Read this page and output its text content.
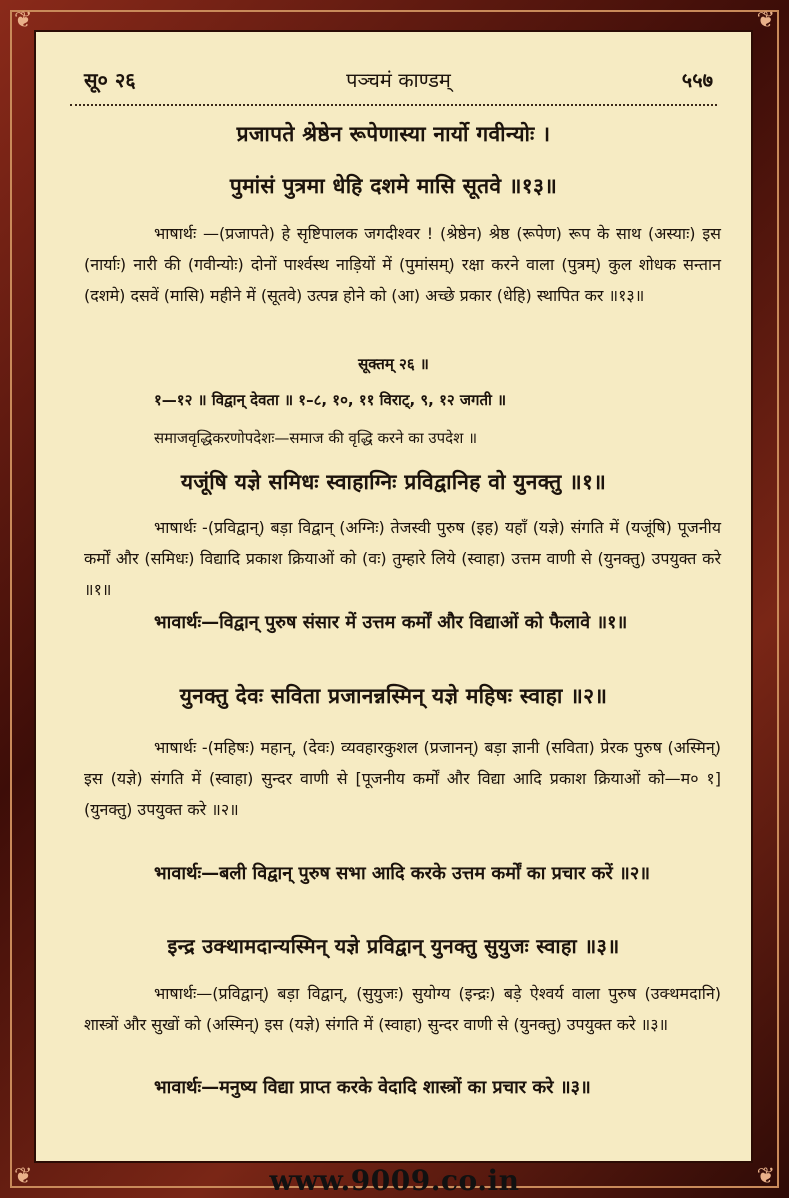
❦	❦
❦	❦
सू० २६	पञ्चमं काण्डम्	५५७
प्रजापते श्रेष्ठेन रूपेणास्या नार्यो गवीन्योः ।
पुमांसं पुत्रमा धेहि दशमे मासि सूतवे ॥१३॥
भाषार्थः —(प्रजापते) हे सृष्टिपालक जगदीश्वर ! (श्रेष्ठेन) श्रेष्ठ (रूपेण) रूप के साथ (अस्याः) इस (नार्याः) नारी की (गवीन्योः) दोनों पार्श्वस्थ नाड़ियों में (पुमांसम्) रक्षा करने वाला (पुत्रम्) कुल शोधक सन्तान (दशमे) दसवें (मासि) महीने में (सूतवे) उत्पन्न होने को (आ) अच्छे प्रकार (धेहि) स्थापित कर ॥१३॥
सूक्तम् २६ ॥
१—१२ ॥ विद्वान् देवता ॥ १–८, १०, ११ विराट्, ९, १२ जगती ॥
समाजवृद्धिकरणोपदेशः—समाज की वृद्धि करने का उपदेश ॥
यजूंषि यज्ञे समिधः स्वाहाग्निः प्रविद्वानिह वो युनक्तु ॥१॥
भाषार्थः -(प्रविद्वान्) बड़ा विद्वान् (अग्निः) तेजस्वी पुरुष (इह) यहाँ (यज्ञे) संगति में (यजूंषि) पूजनीय कर्मों और (समिधः) विद्यादि प्रकाश क्रियाओं को (वः) तुम्हारे लिये (स्वाहा) उत्तम वाणी से (युनक्तु) उपयुक्त करे ॥१॥
भावार्थः—विद्वान् पुरुष संसार में उत्तम कर्मों और विद्याओं को फैलावे ॥१॥
युनक्तु देवः सविता प्रजानन्नस्मिन् यज्ञे महिषः स्वाहा ॥२॥
भाषार्थः -(महिषः) महान्, (देवः) व्यवहारकुशल (प्रजानन्) बड़ा ज्ञानी (सविता) प्रेरक पुरुष (अस्मिन्) इस (यज्ञे) संगति में (स्वाहा) सुन्दर वाणी से [पूजनीय कर्मों और विद्या आदि प्रकाश क्रियाओं को—म० १] (युनक्तु) उपयुक्त करे ॥२॥
भावार्थः—बली विद्वान् पुरुष सभा आदि करके उत्तम कर्मों का प्रचार करें ॥२॥
इन्द्र उक्थामदान्यस्मिन् यज्ञे प्रविद्वान् युनक्तु सुयुजः स्वाहा ॥३॥
भाषार्थः—(प्रविद्वान्) बड़ा विद्वान्, (सुयुजः) सुयोग्य (इन्द्रः) बड़े ऐश्वर्य वाला पुरुष (उक्थमदानि) शास्त्रों और सुखों को (अस्मिन्) इस (यज्ञे) संगति में (स्वाहा) सुन्दर वाणी से (युनक्तु) उपयुक्त करे ॥३॥
भावार्थः—मनुष्य विद्या प्राप्त करके वेदादि शास्त्रों का प्रचार करे ॥३॥
www.9009.co.in
